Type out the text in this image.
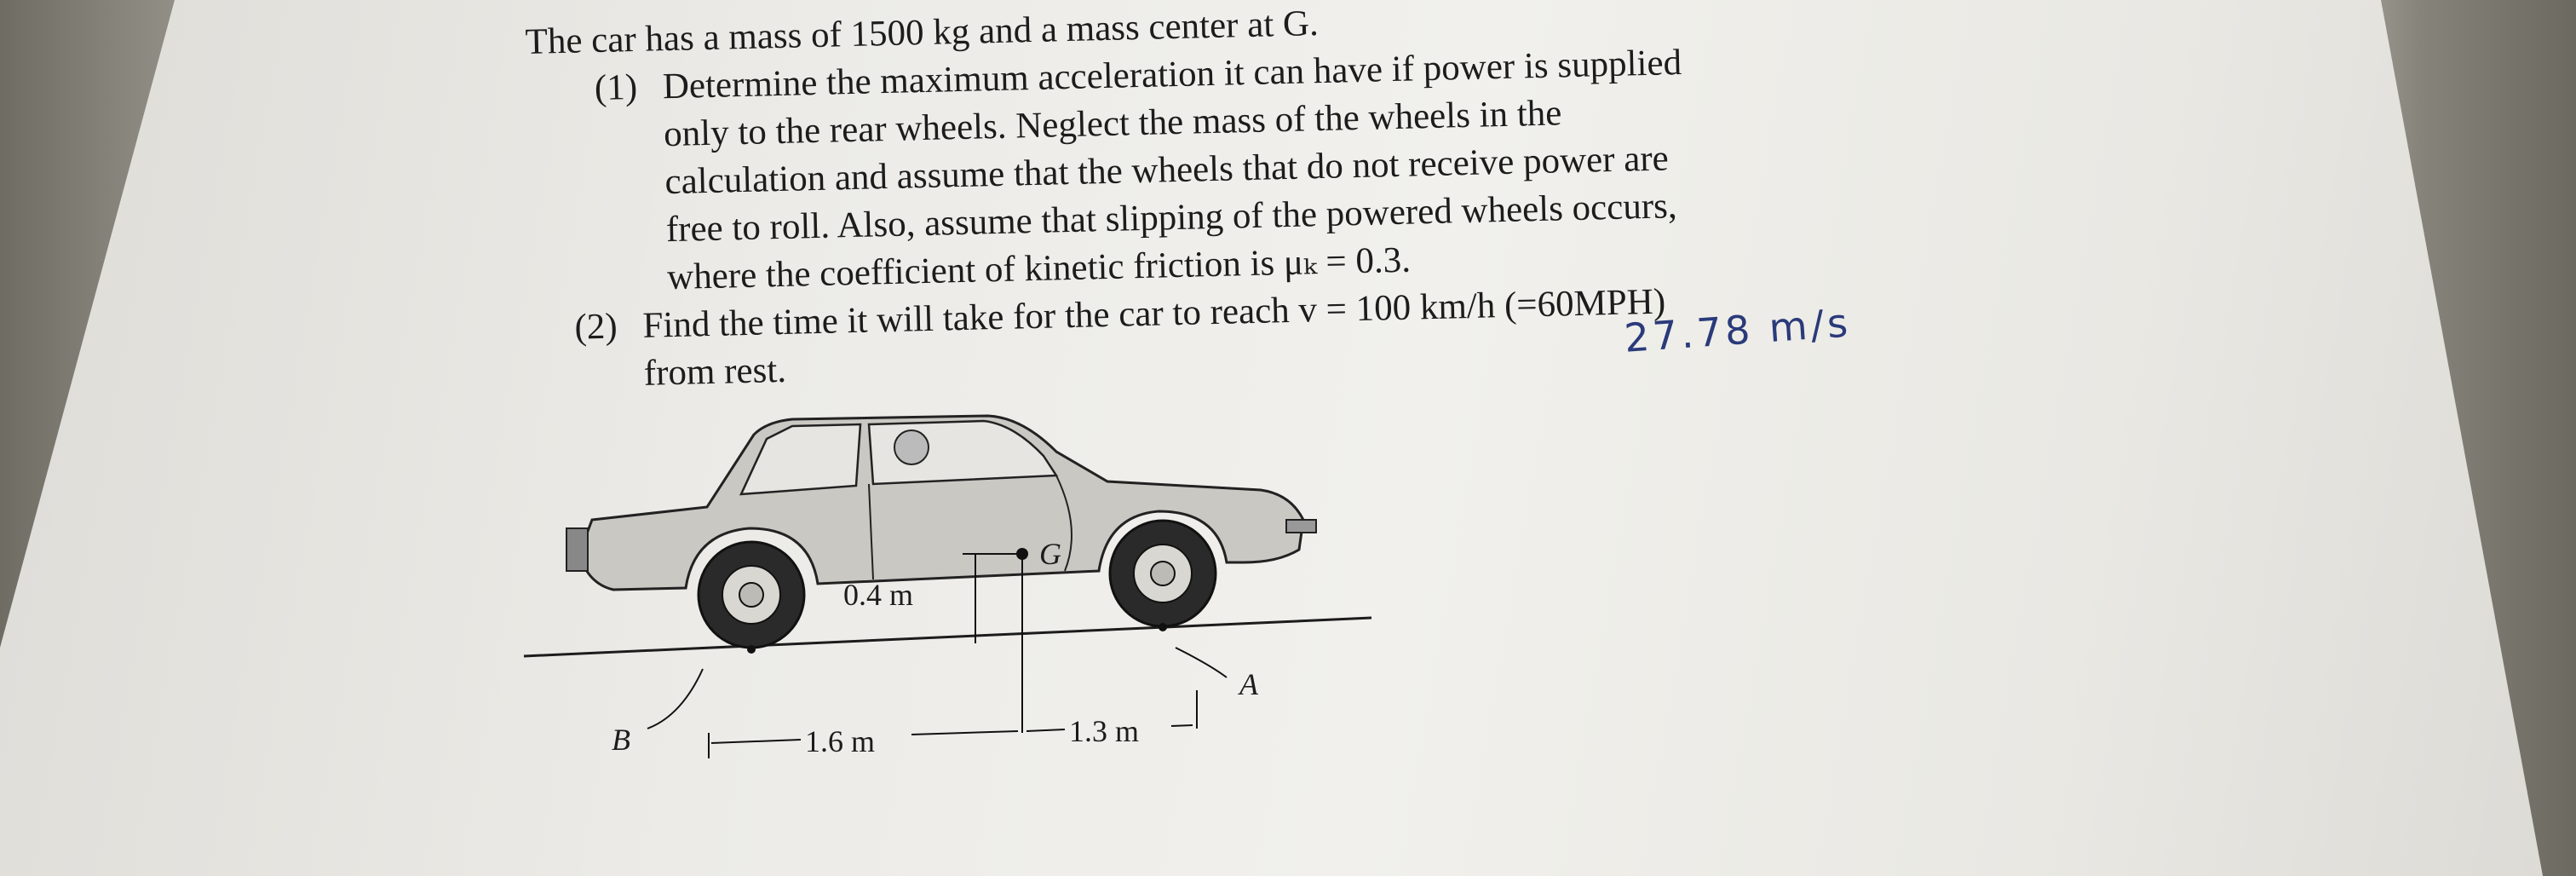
The car has a mass of 1500 kg and a mass center at G.
(1) Determine the maximum acceleration it can have if power is supplied
only to the rear wheels. Neglect the mass of the wheels in the
calculation and assume that the wheels that do not receive power are
free to roll. Also, assume that slipping of the powered wheels occurs,
where the coefficient of kinetic friction is μₖ = 0.3.
(2) Find the time it will take for the car to reach v = 100 km/h (=60MPH)
from rest.
27.78 m/s
G
0.4 m
1.6 m	1.3 m
B
A
